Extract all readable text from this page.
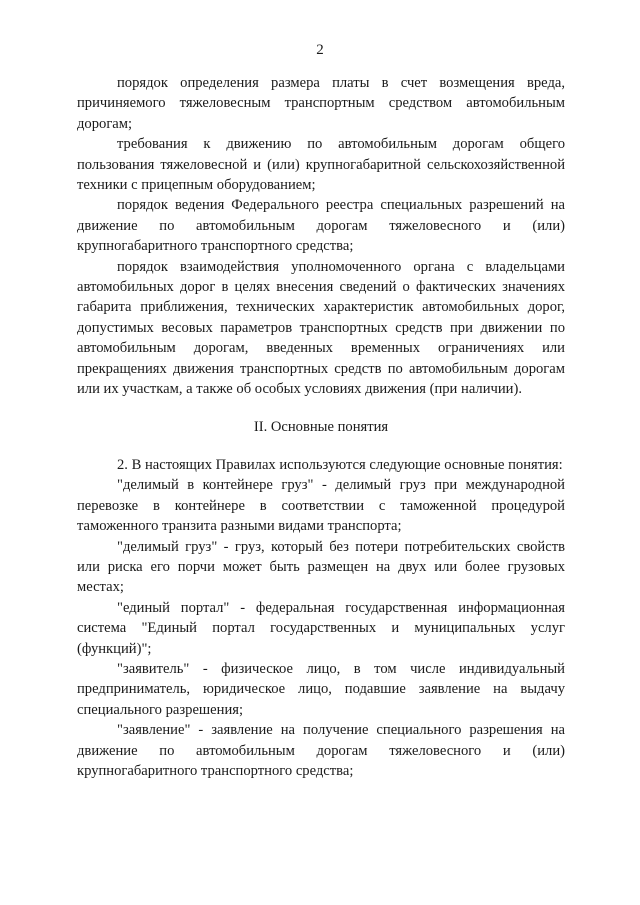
2

порядок определения размера платы в счет возмещения вреда, причиняемого тяжеловесным транспортным средством автомобильным дорогам;

требования к движению по автомобильным дорогам общего пользования тяжеловесной и (или) крупногабаритной сельскохозяйственной техники с прицепным оборудованием;

порядок ведения Федерального реестра специальных разрешений на движение по автомобильным дорогам тяжеловесного и (или) крупногабаритного транспортного средства;

порядок взаимодействия уполномоченного органа с владельцами автомобильных дорог в целях внесения сведений о фактических значениях габарита приближения, технических характеристик автомобильных дорог, допустимых весовых параметров транспортных средств при движении по автомобильным дорогам, введенных временных ограничениях или прекращениях движения транспортных средств по автомобильным дорогам или их участкам, а также об особых условиях движения (при наличии).

II. Основные понятия

2. В настоящих Правилах используются следующие основные понятия:

"делимый в контейнере груз" - делимый груз при международной перевозке в контейнере в соответствии с таможенной процедурой таможенного транзита разными видами транспорта;

"делимый груз" - груз, который без потери потребительских свойств или риска его порчи может быть размещен на двух или более грузовых местах;

"единый портал" - федеральная государственная информационная система "Единый портал государственных и муниципальных услуг (функций)";

"заявитель" - физическое лицо, в том числе индивидуальный предприниматель, юридическое лицо, подавшие заявление на выдачу специального разрешения;

"заявление" - заявление на получение специального разрешения на движение по автомобильным дорогам тяжеловесного и (или) крупногабаритного транспортного средства;
